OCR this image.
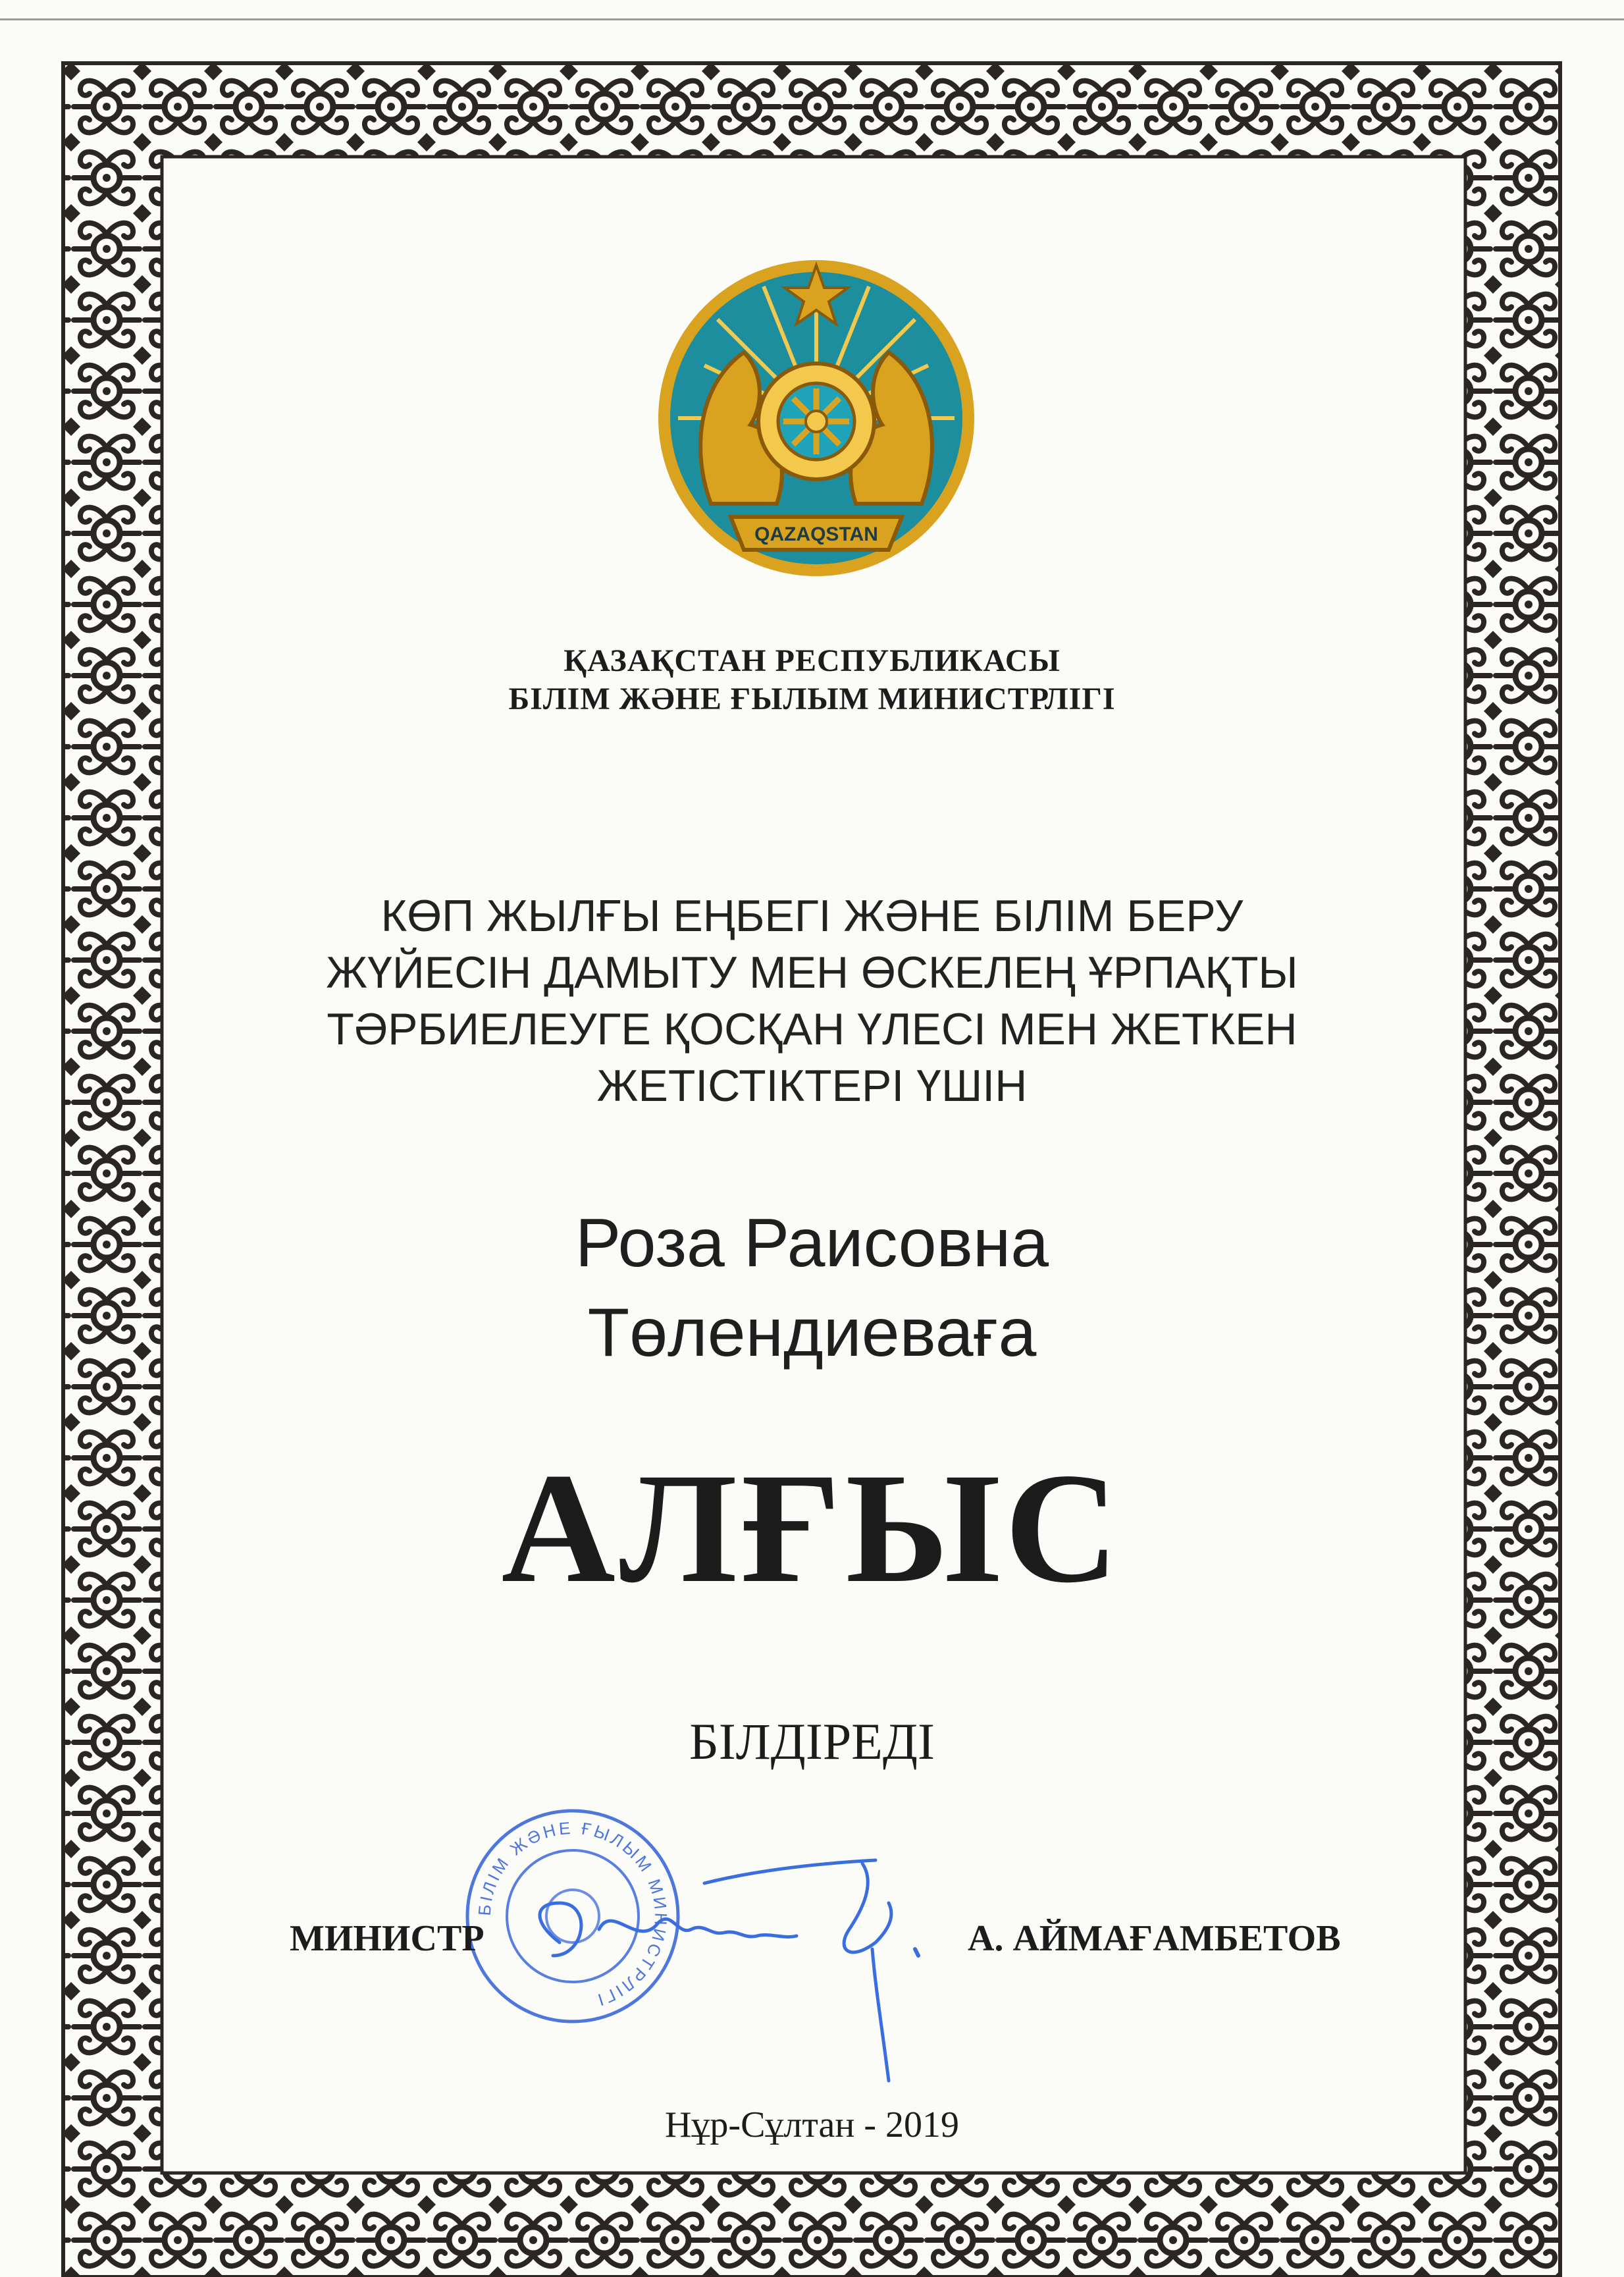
QAZAQSTAN
ҚАЗАҚСТАН РЕСПУБЛИКАСЫ
БІЛІМ ЖӘНЕ ҒЫЛЫМ МИНИСТРЛІГІ
КӨП ЖЫЛҒЫ ЕҢБЕГІ ЖӘНЕ БІЛІМ БЕРУ
ЖҮЙЕСІН ДАМЫТУ МЕН ӨСКЕЛЕҢ ҰРПАҚТЫ
ТӘРБИЕЛЕУГЕ ҚОСҚАН ҮЛЕСІ МЕН ЖЕТКЕН
ЖЕТІСТІКТЕРІ ҮШІН
Роза Раисовна
Төлендиеваға
АЛҒЫС
БІЛДІРЕДІ
БІЛІМ ЖӘНЕ ҒЫЛЫМ МИНИСТРЛІГІ
МИНИСТР	А. АЙМАҒАМБЕТОВ
Нұр-Сұлтан - 2019
